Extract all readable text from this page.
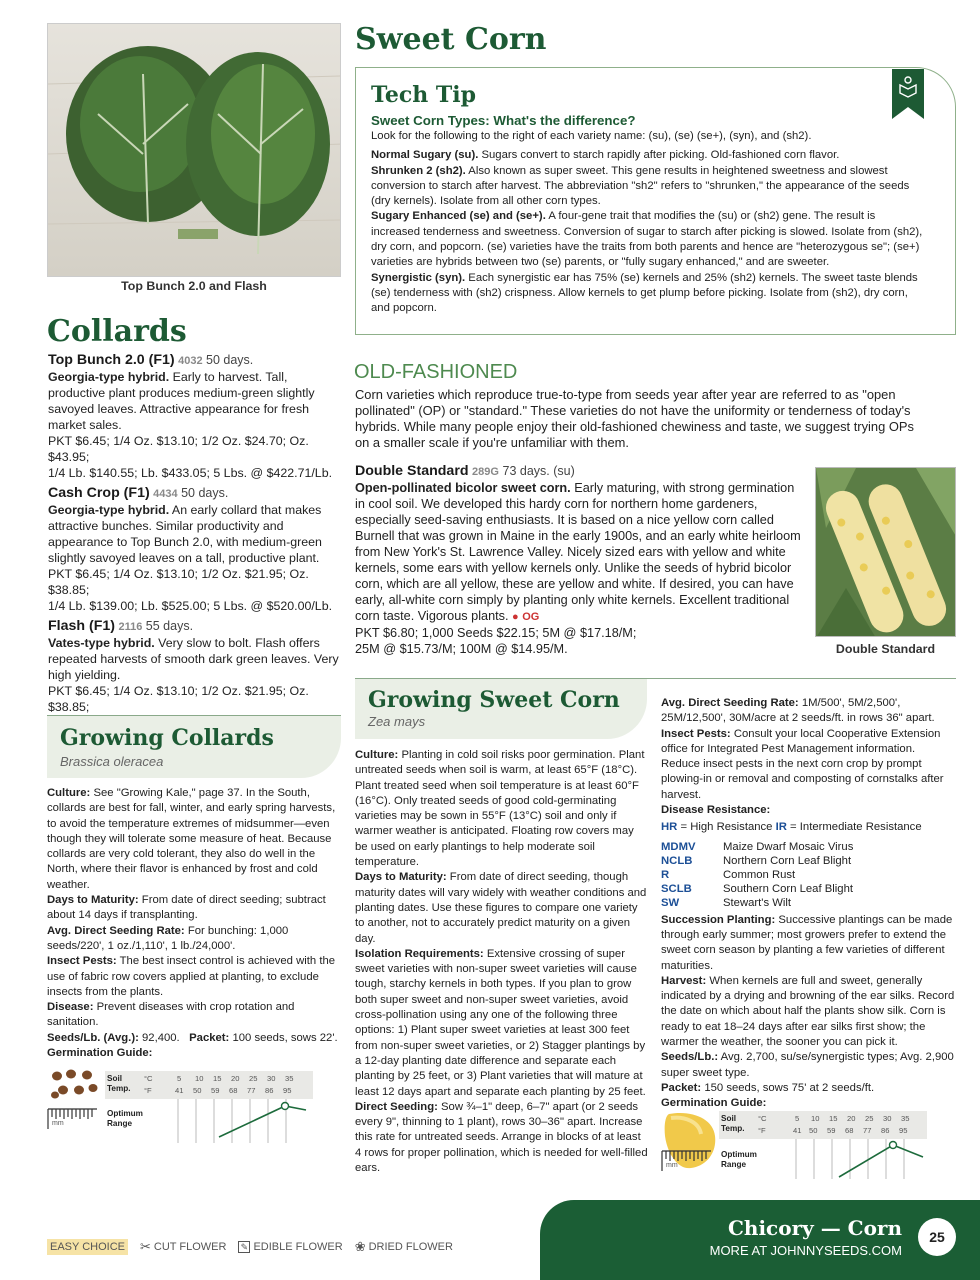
Top Bunch 2.0 and Flash
Collards
Top Bunch 2.0 (F1) 4032 50 days.
Georgia-type hybrid. Early to harvest. Tall, productive plant produces medium-green slightly savoyed leaves. Attractive appearance for fresh market sales.
PKT $6.45; 1/4 Oz. $13.10; 1/2 Oz. $24.70; Oz. $43.95;
1/4 Lb. $140.55; Lb. $433.05; 5 Lbs. @ $422.71/Lb.
Cash Crop (F1) 4434 50 days.
Georgia-type hybrid. An early collard that makes attractive bunches. Similar productivity and appearance to Top Bunch 2.0, with medium-green slightly savoyed leaves on a tall, productive plant.
PKT $6.45; 1/4 Oz. $13.10; 1/2 Oz. $21.95; Oz. $38.85;
1/4 Lb. $139.00; Lb. $525.00; 5 Lbs. @ $520.00/Lb.
Flash (F1) 2116 55 days.
Vates-type hybrid. Very slow to bolt. Flash offers repeated harvests of smooth dark green leaves. Very high yielding.
PKT $6.45; 1/4 Oz. $13.10; 1/2 Oz. $21.95; Oz. $38.85;
Growing Collards
Brassica oleracea
Culture: See "Growing Kale," page 37. In the South, collards are best for fall, winter, and early spring harvests, to avoid the temperature extremes of midsummer—even though they will tolerate some measure of heat. Because collards are very cold tolerant, they also do well in the North, where their flavor is enhanced by frost and cold weather.
Days to Maturity: From date of direct seeding; subtract about 14 days if transplanting.
Avg. Direct Seeding Rate: For bunching: 1,000 seeds/220', 1 oz./1,110', 1 lb./24,000'.
Insect Pests: The best insect control is achieved with the use of fabric row covers applied at planting, to exclude insects from the plants.
Disease: Prevent diseases with crop rotation and sanitation.
Seeds/Lb. (Avg.): 92,400. Packet: 100 seeds, sows 22'.
Germination Guide:
Soil
Temp.
°C
°F
5 10 15 20 25 30 35
41 50 59 68 77 86 95
mm
Optimum
Range
Sweet Corn
Tech Tip
Sweet Corn Types: What's the difference?
Look for the following to the right of each variety name: (su), (se) (se+), (syn), and (sh2).
Normal Sugary (su). Sugars convert to starch rapidly after picking. Old-fashioned corn flavor.
Shrunken 2 (sh2). Also known as super sweet. This gene results in heightened sweetness and slowest conversion to starch after harvest. The abbreviation "sh2" refers to "shrunken," the appearance of the seeds (dry kernels). Isolate from all other corn types.
Sugary Enhanced (se) and (se+). A four-gene trait that modifies the (su) or (sh2) gene. The result is increased tenderness and sweetness. Conversion of sugar to starch after picking is slowed. Isolate from (sh2), dry corn, and popcorn. (se) varieties have the traits from both parents and hence are "heterozygous se"; (se+) varieties are hybrids between two (se) parents, or "fully sugary enhanced," and are sweeter.
Synergistic (syn). Each synergistic ear has 75% (se) kernels and 25% (sh2) kernels. The sweet taste blends (se) tenderness with (sh2) crispness. Allow kernels to get plump before picking. Isolate from (sh2), dry corn, and popcorn.
OLD-FASHIONED
Corn varieties which reproduce true-to-type from seeds year after year are referred to as "open pollinated" (OP) or "standard." These varieties do not have the uniformity or tenderness of today's hybrids. While many people enjoy their old-fashioned chewiness and taste, we suggest trying OPs on a smaller scale if you're unfamiliar with them.
Double Standard 289G 73 days. (su)
Open-pollinated bicolor sweet corn. Early maturing, with strong germination in cool soil. We developed this hardy corn for northern home gardeners, especially seed-saving enthusiasts. It is based on a nice yellow corn called Burnell that was grown in Maine in the early 1900s, and an early white heirloom from New York's St. Lawrence Valley. Nicely sized ears with yellow and white kernels, some ears with yellow kernels only. Unlike the seeds of hybrid bicolor corn, which are all yellow, these are yellow and white. If desired, you can have early, all-white corn simply by planting only white kernels. Excellent traditional corn taste. Vigorous plants. ● OG
PKT $6.80; 1,000 Seeds $22.15; 5M @ $17.18/M;
25M @ $15.73/M; 100M @ $14.95/M.	Double Standard
Growing Sweet Corn
Zea mays
Culture: Planting in cold soil risks poor germination. Plant untreated seeds when soil is warm, at least 65°F (18°C). Plant treated seed when soil temperature is at least 60°F (16°C). Only treated seeds of good cold-germinating varieties may be sown in 55°F (13°C) soil and only if warmer weather is anticipated. Floating row covers may be used on early plantings to help moderate soil temperature.
Days to Maturity: From date of direct seeding, though maturity dates will vary widely with weather conditions and planting dates. Use these figures to compare one variety to another, not to accurately predict maturity on a given day.
Isolation Requirements: Extensive crossing of super sweet varieties with non-super sweet varieties will cause tough, starchy kernels in both types. If you plan to grow both super sweet and non-super sweet varieties, avoid cross-pollination using any one of the following three options: 1) Plant super sweet varieties at least 300 feet from non-super sweet varieties, or 2) Stagger plantings by a 12-day planting date difference and separate each planting by 25 feet, or 3) Plant varieties that will mature at least 12 days apart and separate each planting by 25 feet.
Direct Seeding: Sow ¾–1" deep, 6–7" apart (or 2 seeds every 9", thinning to 1 plant), rows 30–36" apart. Increase this rate for untreated seeds. Arrange in blocks of at least 4 rows for proper pollination, which is needed for well-filled ears.
Avg. Direct Seeding Rate: 1M/500', 5M/2,500', 25M/12,500', 30M/acre at 2 seeds/ft. in rows 36" apart.
Insect Pests: Consult your local Cooperative Extension office for Integrated Pest Management information. Reduce insect pests in the next corn crop by prompt plowing-in or removal and composting of cornstalks after harvest.
Disease Resistance:
HR = High Resistance IR = Intermediate Resistance
MDMV	Maize Dwarf Mosaic Virus
NCLB	Northern Corn Leaf Blight
R	Common Rust
SCLB	Southern Corn Leaf Blight
SW	Stewart's Wilt
Succession Planting: Successive plantings can be made through early summer; most growers prefer to extend the sweet corn season by planting a few varieties of different maturities.
Harvest: When kernels are full and sweet, generally indicated by a drying and browning of the ear silks. Record the date on which about half the plants show silk. Corn is ready to eat 18–24 days after ear silks first show; the warmer the weather, the sooner you can pick it.
Seeds/Lb.: Avg. 2,700, su/se/synergistic types; Avg. 2,900 super sweet type.
Packet: 150 seeds, sows 75' at 2 seeds/ft.
Germination Guide:
Soil
Temp.
°C
°F
5 10 15 20 25 30 35
41 50 59 68 77 86 95
mm
Optimum
Range
EASY CHOICE ✂ CUT FLOWER ✎ EDIBLE FLOWER ❀ DRIED FLOWER
Chicory — Corn
MORE AT JOHNNYSEEDS.COM
25
